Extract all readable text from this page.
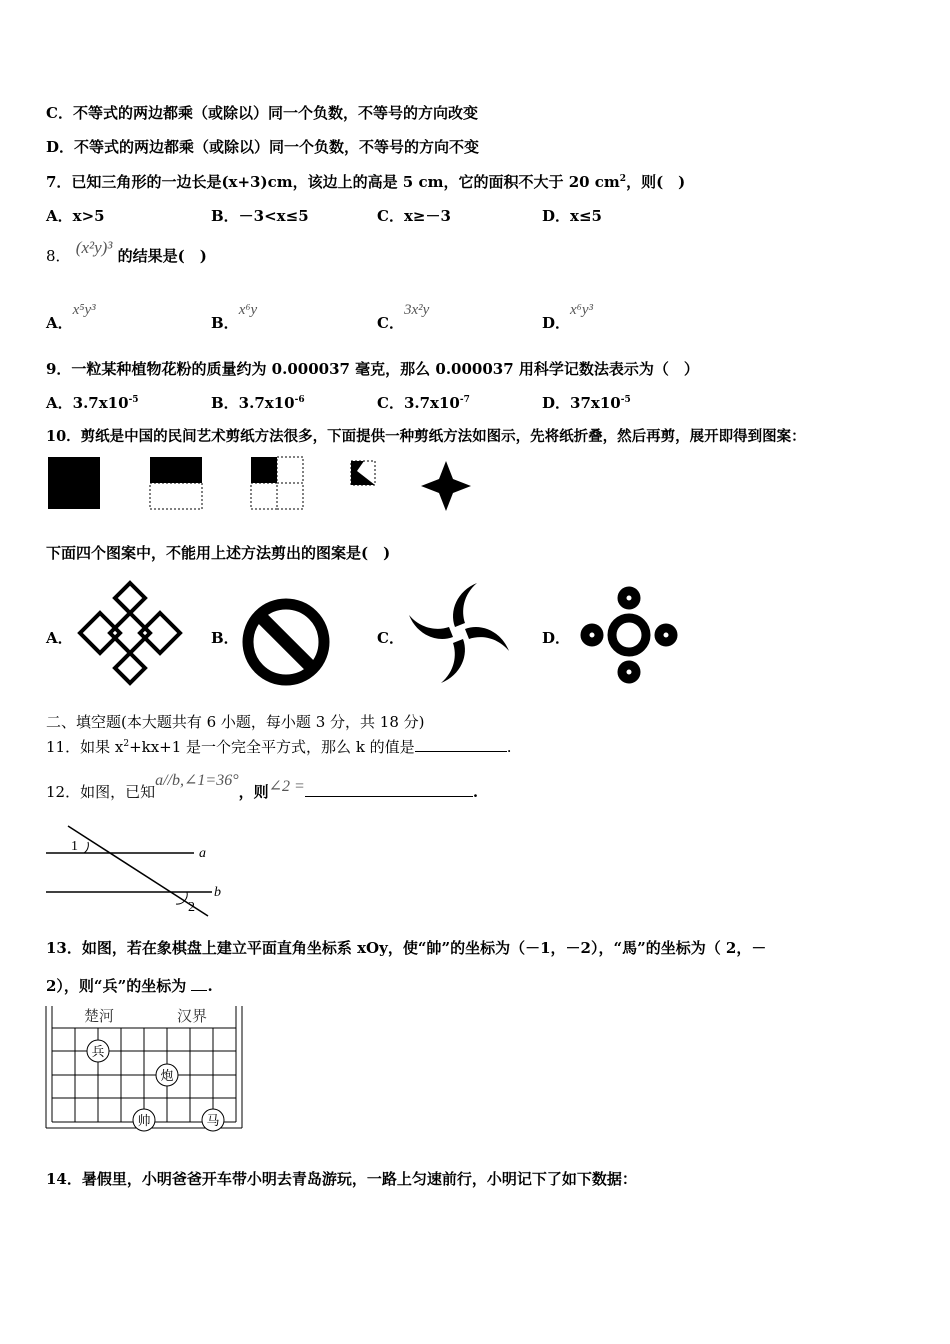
C．不等式的两边都乘（或除以）同一个负数，不等号的方向改变
D．不等式的两边都乘（或除以）同一个负数，不等号的方向不变
7．已知三角形的一边长是(x+3)cm，该边上的高是 5 cm，它的面积不大于 20 $cm^2$，则(　)
A．x>5	B．－3<x≤5	C．x≥－3	D．x≤5
8． (x²y)³ 的结果是(　)
A．x⁵y³
B．x⁶y
C．3x²y
D．x⁶y³
9．一粒某种植物花粉的质量约为 0.000037 毫克，那么 0.000037 用科学记数法表示为（　）
A．$3.7x10^{-5}$	B．$3.7x10^{-6}$	C．$3.7x10^{-7}$	D．$37x10^{-5}$
10．剪纸是中国的民间艺术剪纸方法很多，下面提供一种剪纸方法如图示，先将纸折叠，然后再剪，展开即得到图案：
下面四个图案中，不能用上述方法剪出的图案是(　)
A．	B．	C．	D．
二、填空题(本大题共有 6 小题，每小题 3 分，共 18 分)
11．如果 $x^2+kx+1$ 是一个完全平方式，那么 k 的值是	.
12．如图，已知a//b,∠1=36°，则∠2 =	.
1
2
a
b
13．如图，若在象棋盘上建立平面直角坐标系 xOy，使“帥”的坐标为（－1，－2），“馬”的坐标为（ 2，－
2），则“兵”的坐标为 .
楚河	汉界
兵
炮
帅	马
14．暑假里，小明爸爸开车带小明去青岛游玩，一路上匀速前行，小明记下了如下数据：
